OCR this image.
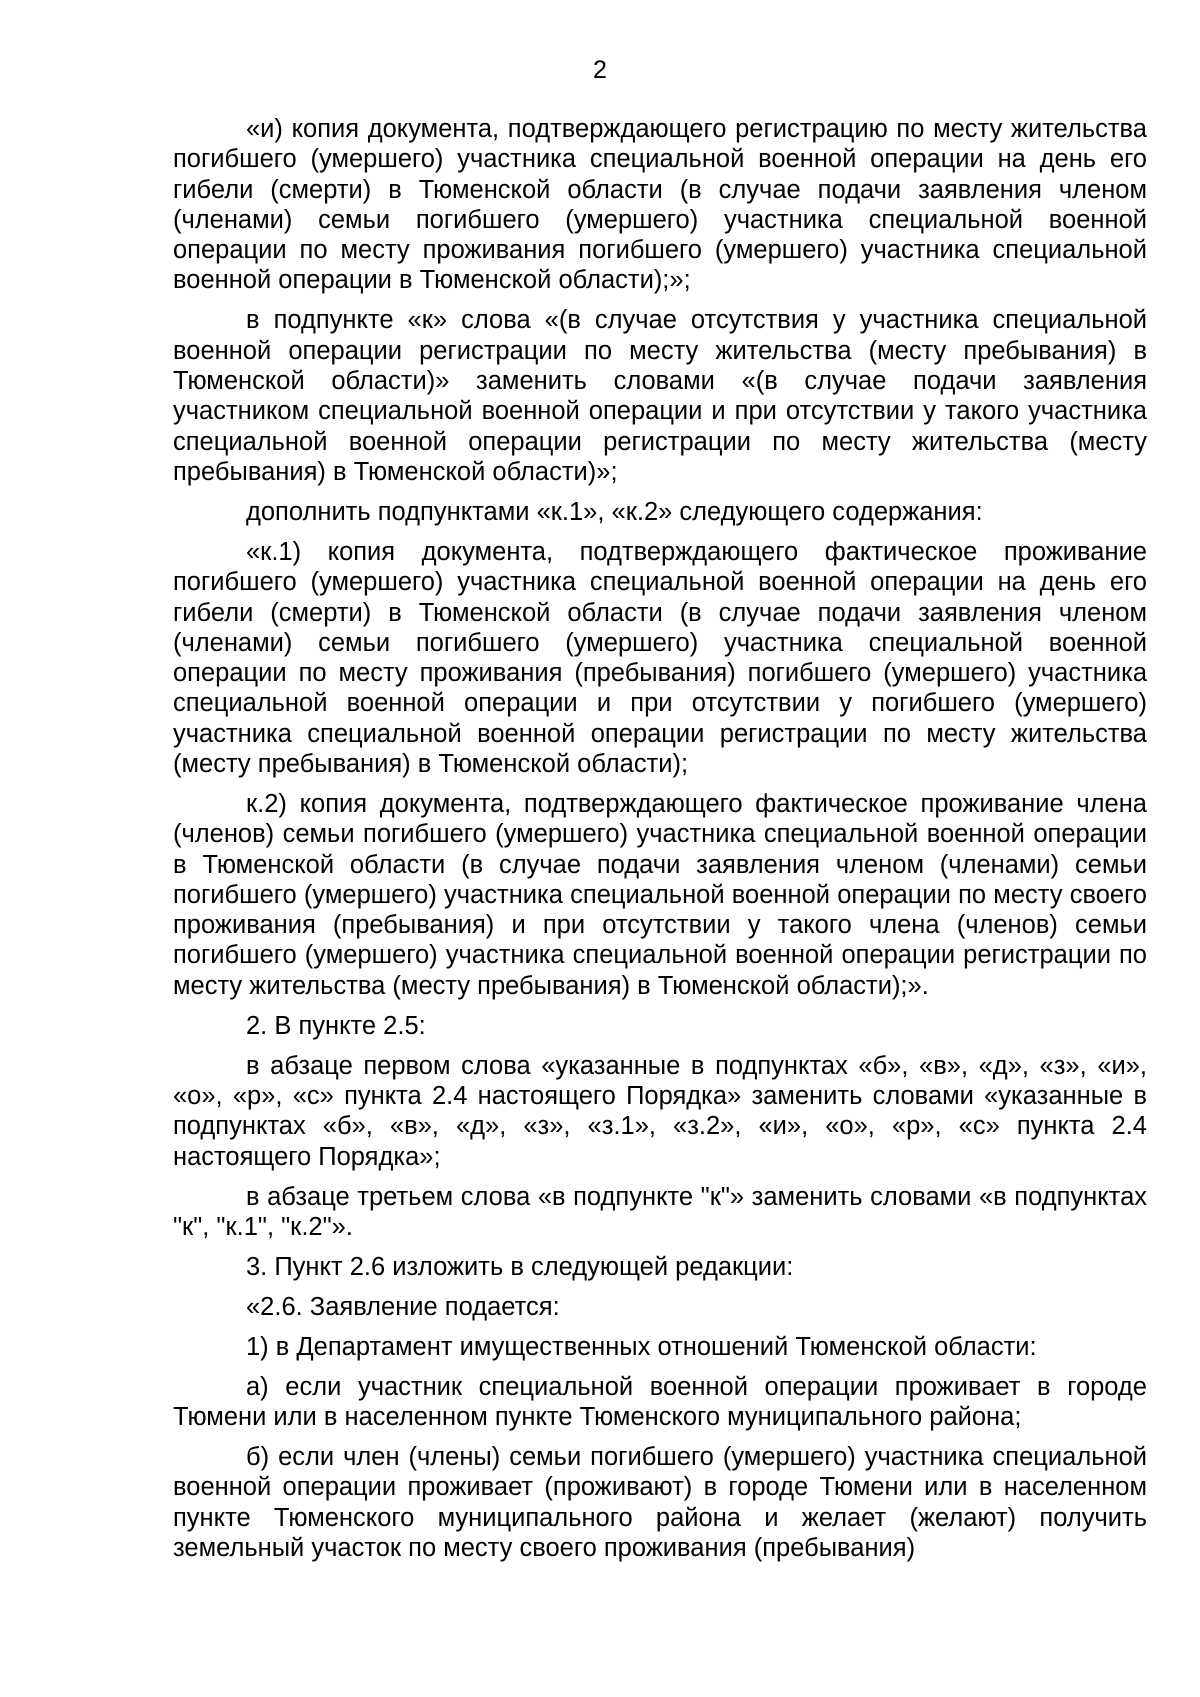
2

«и) копия документа, подтверждающего регистрацию по месту жительства погибшего (умершего) участника специальной военной операции на день его гибели (смерти) в Тюменской области (в случае подачи заявления членом (членами) семьи погибшего (умершего) участника специальной военной операции по месту проживания погибшего (умершего) участника специальной военной операции в Тюменской области);»;

в подпункте «к» слова «(в случае отсутствия у участника специальной военной операции регистрации по месту жительства (месту пребывания) в Тюменской области)» заменить словами «(в случае подачи заявления участником специальной военной операции и при отсутствии у такого участника специальной военной операции регистрации по месту жительства (месту пребывания) в Тюменской области)»;

дополнить подпунктами «к.1», «к.2» следующего содержания:

«к.1) копия документа, подтверждающего фактическое проживание погибшего (умершего) участника специальной военной операции на день его гибели (смерти) в Тюменской области (в случае подачи заявления членом (членами) семьи погибшего (умершего) участника специальной военной операции по месту проживания (пребывания) погибшего (умершего) участника специальной военной операции и при отсутствии у погибшего (умершего) участника специальной военной операции регистрации по месту жительства (месту пребывания) в Тюменской области);

к.2) копия документа, подтверждающего фактическое проживание члена (членов) семьи погибшего (умершего) участника специальной военной операции в Тюменской области (в случае подачи заявления членом (членами) семьи погибшего (умершего) участника специальной военной операции по месту своего проживания (пребывания) и при отсутствии у такого члена (членов) семьи погибшего (умершего) участника специальной военной операции регистрации по месту жительства (месту пребывания) в Тюменской области);».

2. В пункте 2.5:

в абзаце первом слова «указанные в подпунктах «б», «в», «д», «з», «и», «о», «р», «с» пункта 2.4 настоящего Порядка» заменить словами «указанные в подпунктах «б», «в», «д», «з», «з.1», «з.2», «и», «о», «р», «с» пункта 2.4 настоящего Порядка»;

в абзаце третьем слова «в подпункте "к"» заменить словами «в подпунктах "к", "к.1", "к.2"».

3. Пункт 2.6 изложить в следующей редакции:

«2.6. Заявление подается:

1) в Департамент имущественных отношений Тюменской области:

а) если участник специальной военной операции проживает в городе Тюмени или в населенном пункте Тюменского муниципального района;

б) если член (члены) семьи погибшего (умершего) участника специальной военной операции проживает (проживают) в городе Тюмени или в населенном пункте Тюменского муниципального района и желает (желают) получить земельный участок по месту своего проживания (пребывания)
